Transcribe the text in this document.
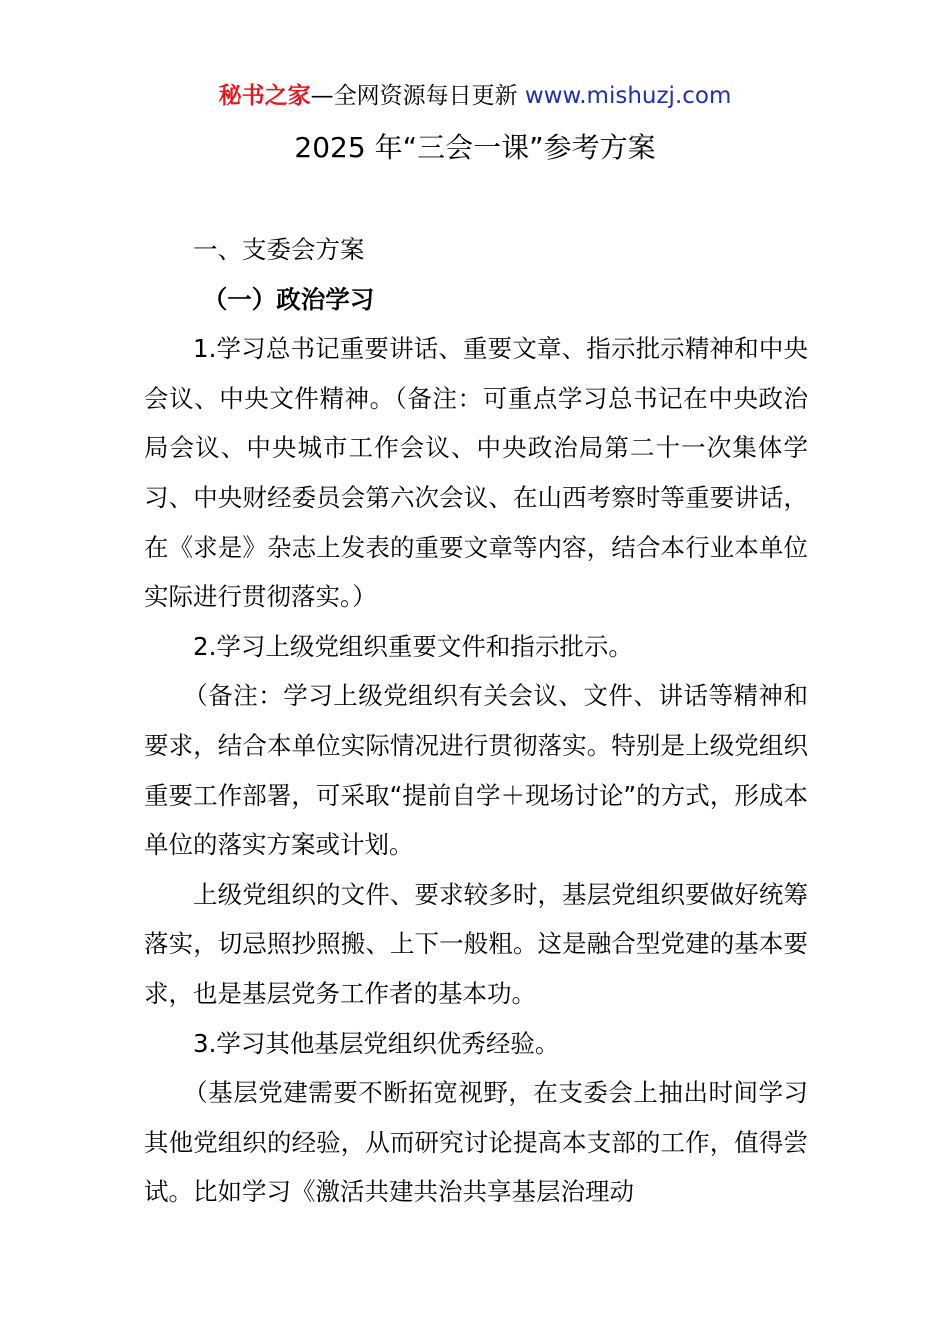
秘书之家—全网资源每日更新 www.mishuzj.com
2025 年“三会一课”参考方案

一、支委会方案

（一）政治学习

1.学习总书记重要讲话、重要文章、指示批示精神和中央会议、中央文件精神。（备注：可重点学习总书记在中央政治局会议、中央城市工作会议、中央政治局第二十一次集体学习、中央财经委员会第六次会议、在山西考察时等重要讲话，在《求是》杂志上发表的重要文章等内容，结合本行业本单位实际进行贯彻落实。）

2.学习上级党组织重要文件和指示批示。

（备注：学习上级党组织有关会议、文件、讲话等精神和要求，结合本单位实际情况进行贯彻落实。特别是上级党组织重要工作部署，可采取“提前自学＋现场讨论”的方式，形成本单位的落实方案或计划。

上级党组织的文件、要求较多时，基层党组织要做好统筹落实，切忌照抄照搬、上下一般粗。这是融合型党建的基本要求，也是基层党务工作者的基本功。

3.学习其他基层党组织优秀经验。

（基层党建需要不断拓宽视野，在支委会上抽出时间学习其他党组织的经验，从而研究讨论提高本支部的工作，值得尝试。比如学习《激活共建共治共享基层治理动
